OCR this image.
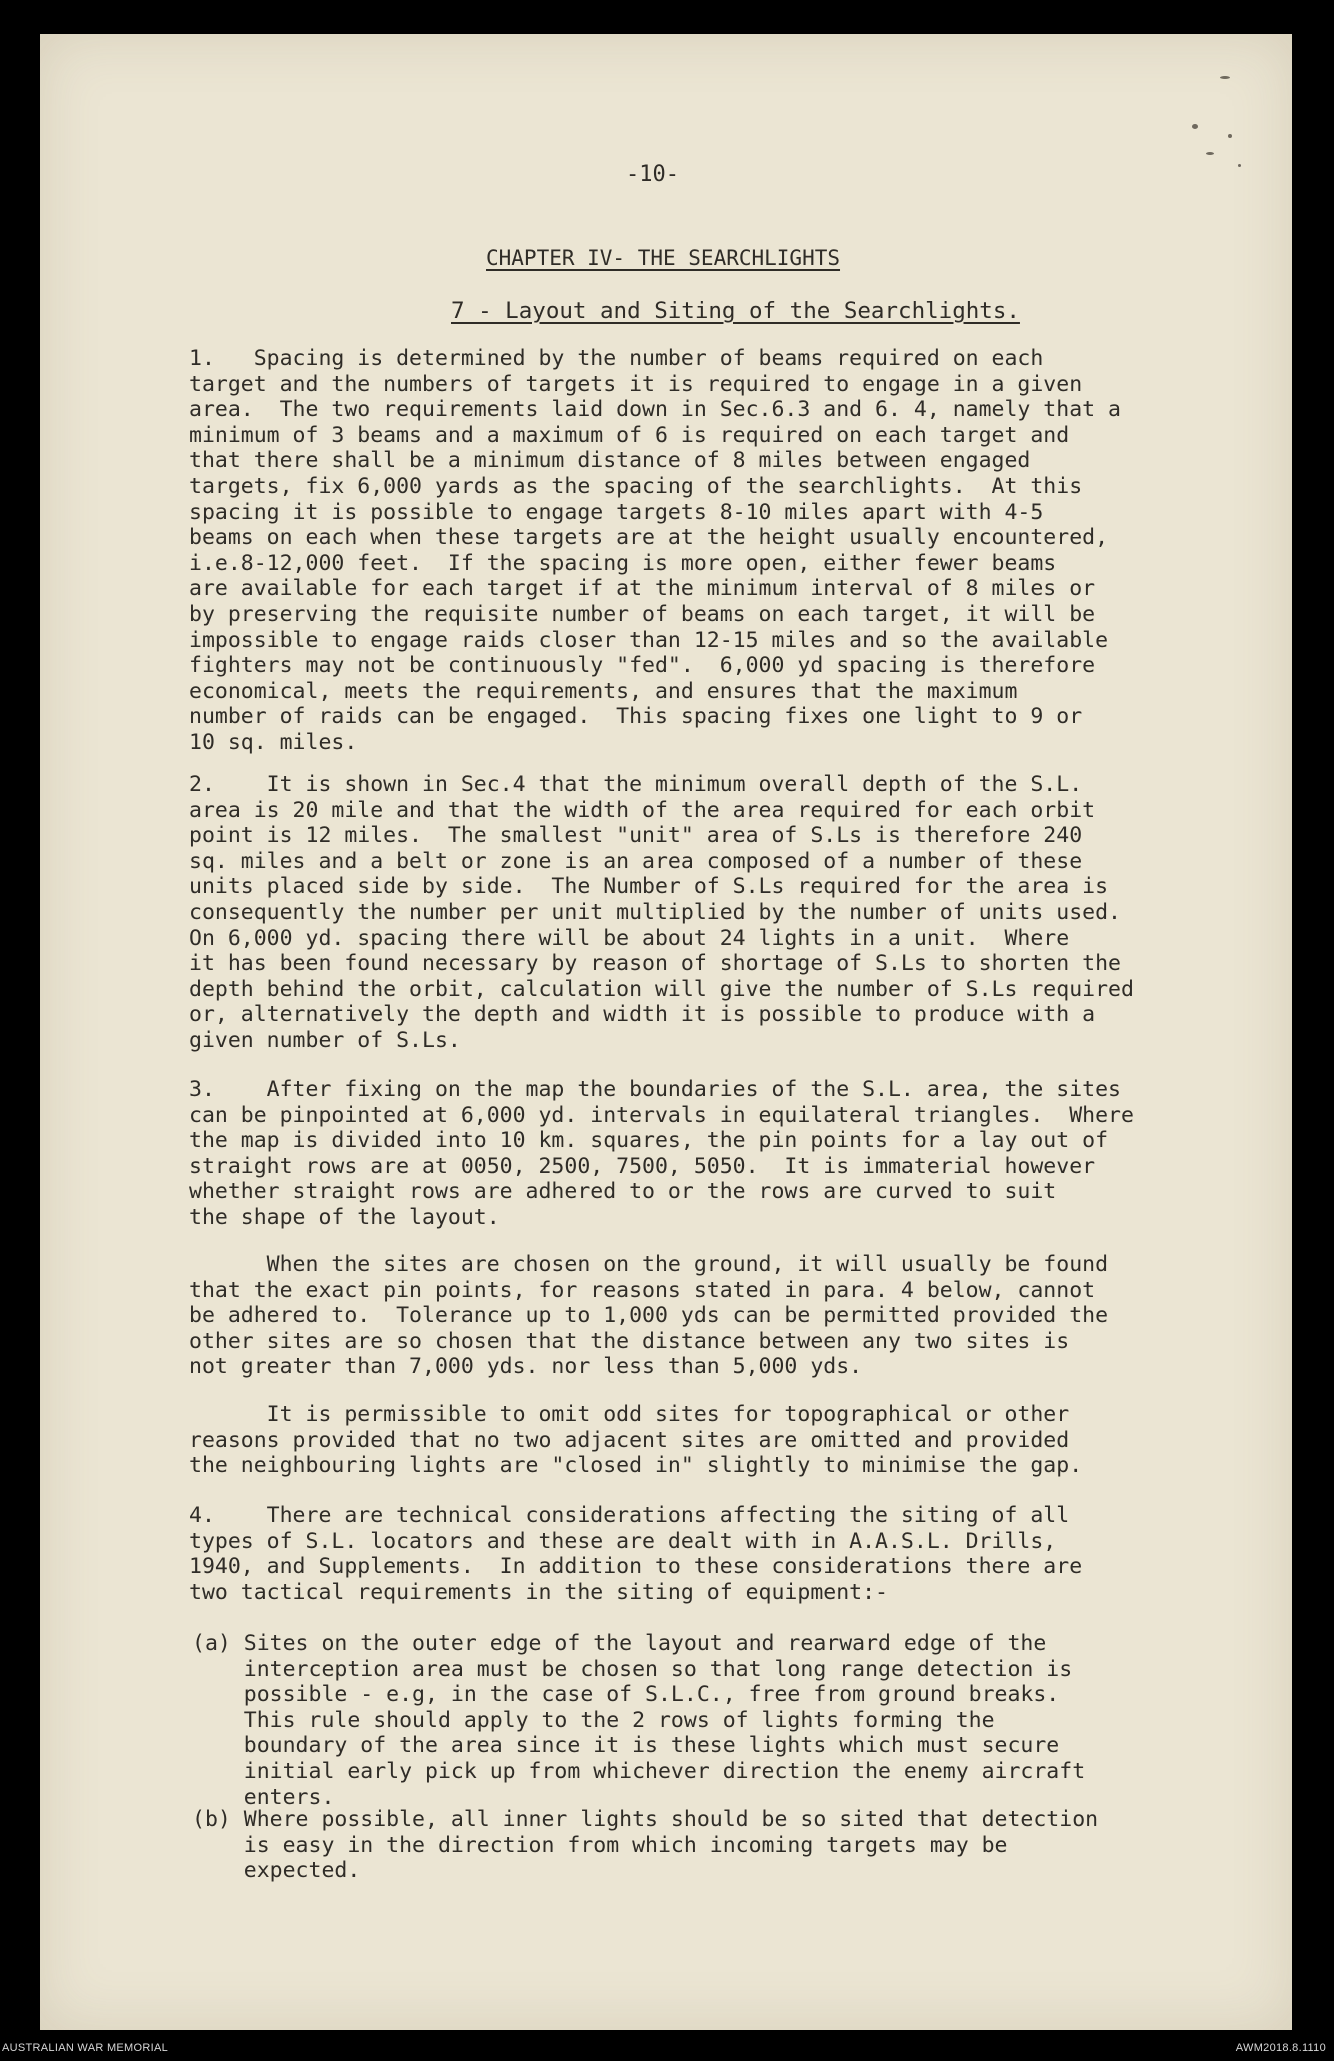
-10-

CHAPTER IV- THE SEARCHLIGHTS

7 - Layout and Siting of the Searchlights.

1.   Spacing is determined by the number of beams required on each
target and the numbers of targets it is required to engage in a given
area.  The two requirements laid down in Sec.6.3 and 6. 4, namely that a
minimum of 3 beams and a maximum of 6 is required on each target and
that there shall be a minimum distance of 8 miles between engaged
targets, fix 6,000 yards as the spacing of the searchlights.  At this
spacing it is possible to engage targets 8-10 miles apart with 4-5
beams on each when these targets are at the height usually encountered,
i.e.8-12,000 feet.  If the spacing is more open, either fewer beams
are available for each target if at the minimum interval of 8 miles or
by preserving the requisite number of beams on each target, it will be
impossible to engage raids closer than 12-15 miles and so the available
fighters may not be continuously "fed".  6,000 yd spacing is therefore
economical, meets the requirements, and ensures that the maximum
number of raids can be engaged.  This spacing fixes one light to 9 or
10 sq. miles.

2.    It is shown in Sec.4 that the minimum overall depth of the S.L.
area is 20 mile and that the width of the area required for each orbit
point is 12 miles.  The smallest "unit" area of S.Ls is therefore 240
sq. miles and a belt or zone is an area composed of a number of these
units placed side by side.  The Number of S.Ls required for the area is
consequently the number per unit multiplied by the number of units used.
On 6,000 yd. spacing there will be about 24 lights in a unit.  Where
it has been found necessary by reason of shortage of S.Ls to shorten the
depth behind the orbit, calculation will give the number of S.Ls required
or, alternatively the depth and width it is possible to produce with a
given number of S.Ls.

3.    After fixing on the map the boundaries of the S.L. area, the sites
can be pinpointed at 6,000 yd. intervals in equilateral triangles.  Where
the map is divided into 10 km. squares, the pin points for a lay out of
straight rows are at 0050, 2500, 7500, 5050.  It is immaterial however
whether straight rows are adhered to or the rows are curved to suit
the shape of the layout.

When the sites are chosen on the ground, it will usually be found
that the exact pin points, for reasons stated in para. 4 below, cannot
be adhered to.  Tolerance up to 1,000 yds can be permitted provided the
other sites are so chosen that the distance between any two sites is
not greater than 7,000 yds. nor less than 5,000 yds.

It is permissible to omit odd sites for topographical or other
reasons provided that no two adjacent sites are omitted and provided
the neighbouring lights are "closed in" slightly to minimise the gap.

4.    There are technical considerations affecting the siting of all
types of S.L. locators and these are dealt with in A.A.S.L. Drills,
1940, and Supplements.  In addition to these considerations there are
two tactical requirements in the siting of equipment:-

(a) Sites on the outer edge of the layout and rearward edge of the
interception area must be chosen so that long range detection is
possible - e.g, in the case of S.L.C., free from ground breaks.
This rule should apply to the 2 rows of lights forming the
boundary of the area since it is these lights which must secure
initial early pick up from whichever direction the enemy aircraft
enters.

(b) Where possible, all inner lights should be so sited that detection
is easy in the direction from which incoming targets may be
expected.

AUSTRALIAN WAR MEMORIAL	AWM2018.8.1110
